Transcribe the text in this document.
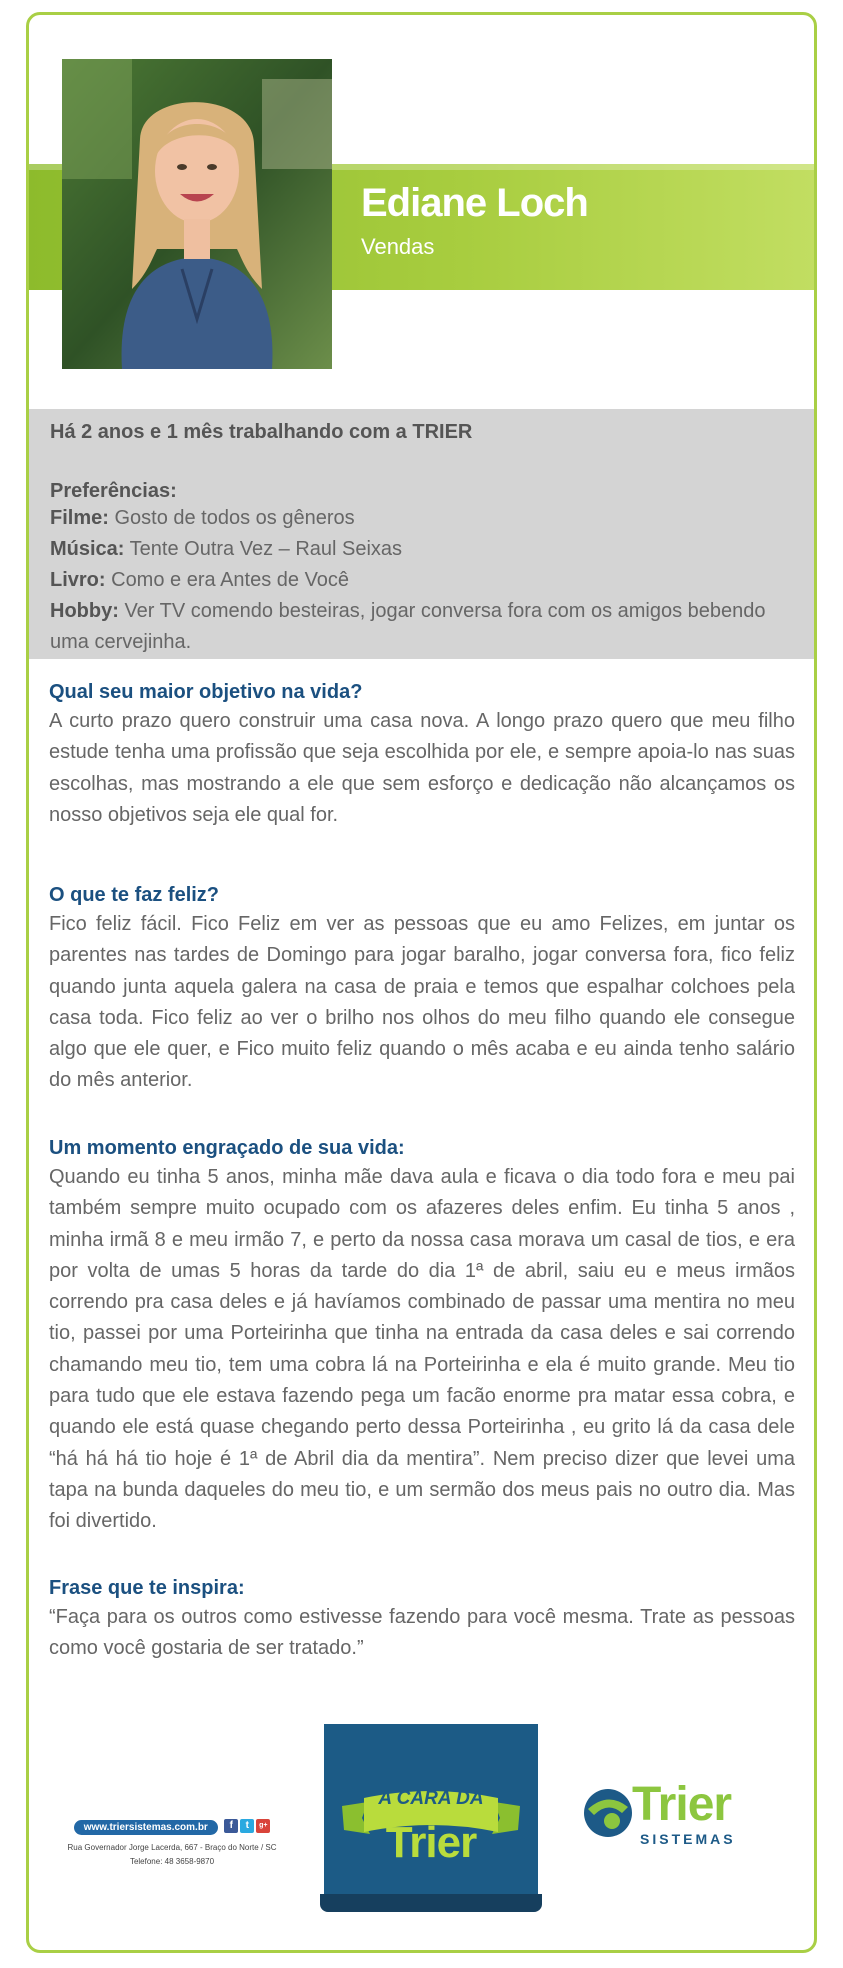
Ediane Loch
Vendas
Há 2 anos e 1 mês trabalhando com a TRIER
Preferências:
Filme: Gosto de todos os gêneros
Música: Tente Outra Vez – Raul Seixas
Livro: Como e era Antes de Você
Hobby: Ver TV comendo besteiras, jogar conversa fora com os amigos bebendo uma cervejinha.
Qual seu maior objetivo na vida?

A curto prazo quero construir uma casa nova. A longo prazo quero que meu filho estude tenha uma profissão que seja escolhida por ele, e sempre apoia-lo nas suas escolhas, mas mostrando a ele que sem esforço e dedicação não alcançamos os nosso objetivos seja ele qual for.

O que te faz feliz?

Fico feliz fácil. Fico Feliz em ver as pessoas que eu amo Felizes, em juntar os parentes nas tardes de Domingo para jogar baralho, jogar conversa fora, fico feliz quando junta aquela galera na casa de praia e temos que espalhar colchoes pela casa toda. Fico feliz ao ver o brilho nos olhos do meu filho quando ele consegue algo que ele quer, e Fico muito feliz quando o mês acaba e eu ainda tenho salário do mês anterior.

Um momento engraçado de sua vida:

Quando eu tinha 5 anos, minha mãe dava aula e ficava o dia todo fora e meu pai também sempre muito ocupado com os afazeres deles enfim. Eu tinha 5 anos , minha irmã 8 e meu irmão 7, e perto da nossa casa morava um casal de tios, e era por volta de umas 5 horas da tarde do dia 1ª de abril, saiu eu e meus irmãos correndo pra casa deles e já havíamos combinado de passar uma mentira no meu tio, passei por uma Porteirinha que tinha na entrada da casa deles e sai correndo chamando meu tio, tem uma cobra lá na Porteirinha e ela é muito grande. Meu tio para tudo que ele estava fazendo pega um facão enorme pra matar essa cobra, e quando ele está quase chegando perto dessa Porteirinha , eu grito lá da casa dele “há há há tio hoje é 1ª de Abril dia da mentira”. Nem preciso dizer que levei uma tapa na bunda daqueles do meu tio, e um sermão dos meus pais no outro dia. Mas foi divertido.

Frase que te inspira:

“Faça para os outros como estivesse fazendo para você mesma. Trate as pessoas como você gostaria de ser tratado.”

www.triersistemas.com.br f t g+
Rua Governador Jorge Lacerda, 667 - Braço do Norte / SC
Telefone: 48 3658-9870
A CARA DA
Trier
Trier
SISTEMAS
